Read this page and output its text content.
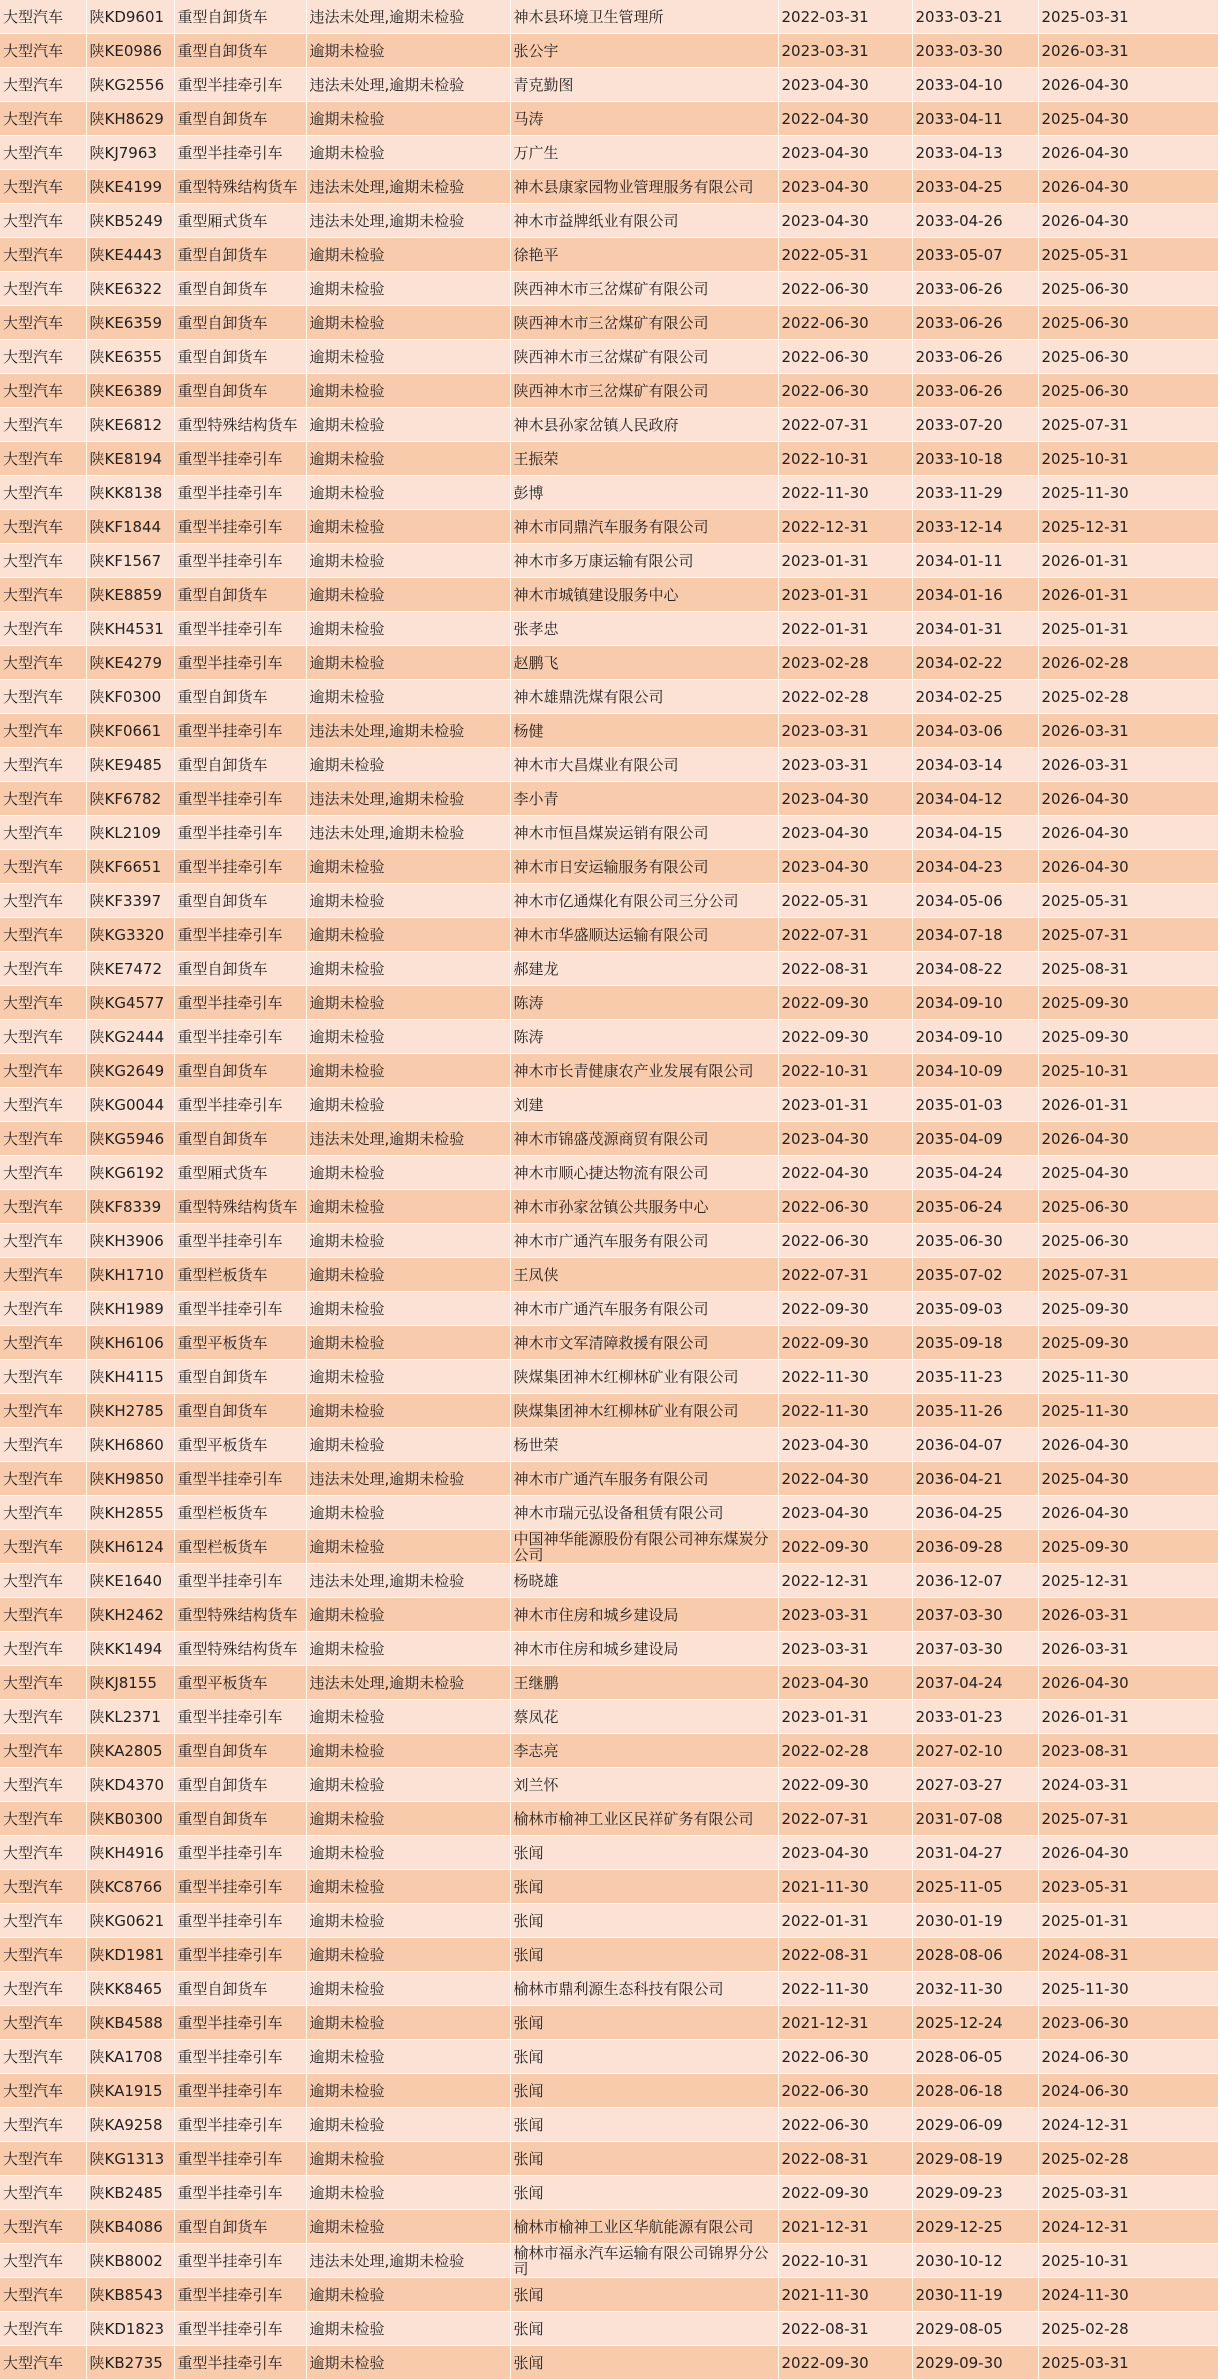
大型汽车	陕KD9601	重型自卸货车	违法未处理,逾期未检验	神木县环境卫生管理所	2022-03-31	2033-03-21	2025-03-31
大型汽车	陕KE0986	重型自卸货车	逾期未检验	张公宇	2023-03-31	2033-03-30	2026-03-31
大型汽车	陕KG2556	重型半挂牵引车	违法未处理,逾期未检验	青克勤图	2023-04-30	2033-04-10	2026-04-30
大型汽车	陕KH8629	重型自卸货车	逾期未检验	马涛	2022-04-30	2033-04-11	2025-04-30
大型汽车	陕KJ7963	重型半挂牵引车	逾期未检验	万广生	2023-04-30	2033-04-13	2026-04-30
大型汽车	陕KE4199	重型特殊结构货车	违法未处理,逾期未检验	神木县康家园物业管理服务有限公司	2023-04-30	2033-04-25	2026-04-30
大型汽车	陕KB5249	重型厢式货车	违法未处理,逾期未检验	神木市益牌纸业有限公司	2023-04-30	2033-04-26	2026-04-30
大型汽车	陕KE4443	重型自卸货车	逾期未检验	徐艳平	2022-05-31	2033-05-07	2025-05-31
大型汽车	陕KE6322	重型自卸货车	逾期未检验	陕西神木市三岔煤矿有限公司	2022-06-30	2033-06-26	2025-06-30
大型汽车	陕KE6359	重型自卸货车	逾期未检验	陕西神木市三岔煤矿有限公司	2022-06-30	2033-06-26	2025-06-30
大型汽车	陕KE6355	重型自卸货车	逾期未检验	陕西神木市三岔煤矿有限公司	2022-06-30	2033-06-26	2025-06-30
大型汽车	陕KE6389	重型自卸货车	逾期未检验	陕西神木市三岔煤矿有限公司	2022-06-30	2033-06-26	2025-06-30
大型汽车	陕KE6812	重型特殊结构货车	逾期未检验	神木县孙家岔镇人民政府	2022-07-31	2033-07-20	2025-07-31
大型汽车	陕KE8194	重型半挂牵引车	逾期未检验	王振荣	2022-10-31	2033-10-18	2025-10-31
大型汽车	陕KK8138	重型半挂牵引车	逾期未检验	彭博	2022-11-30	2033-11-29	2025-11-30
大型汽车	陕KF1844	重型半挂牵引车	逾期未检验	神木市同鼎汽车服务有限公司	2022-12-31	2033-12-14	2025-12-31
大型汽车	陕KF1567	重型半挂牵引车	逾期未检验	神木市多万康运输有限公司	2023-01-31	2034-01-11	2026-01-31
大型汽车	陕KE8859	重型自卸货车	逾期未检验	神木市城镇建设服务中心	2023-01-31	2034-01-16	2026-01-31
大型汽车	陕KH4531	重型半挂牵引车	逾期未检验	张孝忠	2022-01-31	2034-01-31	2025-01-31
大型汽车	陕KE4279	重型半挂牵引车	逾期未检验	赵鹏飞	2023-02-28	2034-02-22	2026-02-28
大型汽车	陕KF0300	重型自卸货车	逾期未检验	神木雄鼎洗煤有限公司	2022-02-28	2034-02-25	2025-02-28
大型汽车	陕KF0661	重型半挂牵引车	违法未处理,逾期未检验	杨健	2023-03-31	2034-03-06	2026-03-31
大型汽车	陕KE9485	重型自卸货车	逾期未检验	神木市大昌煤业有限公司	2023-03-31	2034-03-14	2026-03-31
大型汽车	陕KF6782	重型半挂牵引车	违法未处理,逾期未检验	李小青	2023-04-30	2034-04-12	2026-04-30
大型汽车	陕KL2109	重型半挂牵引车	违法未处理,逾期未检验	神木市恒昌煤炭运销有限公司	2023-04-30	2034-04-15	2026-04-30
大型汽车	陕KF6651	重型半挂牵引车	逾期未检验	神木市日安运输服务有限公司	2023-04-30	2034-04-23	2026-04-30
大型汽车	陕KF3397	重型自卸货车	逾期未检验	神木市亿通煤化有限公司三分公司	2022-05-31	2034-05-06	2025-05-31
大型汽车	陕KG3320	重型半挂牵引车	逾期未检验	神木市华盛顺达运输有限公司	2022-07-31	2034-07-18	2025-07-31
大型汽车	陕KE7472	重型自卸货车	逾期未检验	郝建龙	2022-08-31	2034-08-22	2025-08-31
大型汽车	陕KG4577	重型半挂牵引车	逾期未检验	陈涛	2022-09-30	2034-09-10	2025-09-30
大型汽车	陕KG2444	重型半挂牵引车	逾期未检验	陈涛	2022-09-30	2034-09-10	2025-09-30
大型汽车	陕KG2649	重型自卸货车	逾期未检验	神木市长青健康农产业发展有限公司	2022-10-31	2034-10-09	2025-10-31
大型汽车	陕KG0044	重型半挂牵引车	逾期未检验	刘建	2023-01-31	2035-01-03	2026-01-31
大型汽车	陕KG5946	重型自卸货车	违法未处理,逾期未检验	神木市锦盛茂源商贸有限公司	2023-04-30	2035-04-09	2026-04-30
大型汽车	陕KG6192	重型厢式货车	逾期未检验	神木市顺心捷达物流有限公司	2022-04-30	2035-04-24	2025-04-30
大型汽车	陕KF8339	重型特殊结构货车	逾期未检验	神木市孙家岔镇公共服务中心	2022-06-30	2035-06-24	2025-06-30
大型汽车	陕KH3906	重型半挂牵引车	逾期未检验	神木市广通汽车服务有限公司	2022-06-30	2035-06-30	2025-06-30
大型汽车	陕KH1710	重型栏板货车	逾期未检验	王凤侠	2022-07-31	2035-07-02	2025-07-31
大型汽车	陕KH1989	重型半挂牵引车	逾期未检验	神木市广通汽车服务有限公司	2022-09-30	2035-09-03	2025-09-30
大型汽车	陕KH6106	重型平板货车	逾期未检验	神木市文军清障救援有限公司	2022-09-30	2035-09-18	2025-09-30
大型汽车	陕KH4115	重型自卸货车	逾期未检验	陕煤集团神木红柳林矿业有限公司	2022-11-30	2035-11-23	2025-11-30
大型汽车	陕KH2785	重型自卸货车	逾期未检验	陕煤集团神木红柳林矿业有限公司	2022-11-30	2035-11-26	2025-11-30
大型汽车	陕KH6860	重型平板货车	逾期未检验	杨世荣	2023-04-30	2036-04-07	2026-04-30
大型汽车	陕KH9850	重型半挂牵引车	违法未处理,逾期未检验	神木市广通汽车服务有限公司	2022-04-30	2036-04-21	2025-04-30
大型汽车	陕KH2855	重型栏板货车	逾期未检验	神木市瑞元弘设备租赁有限公司	2023-04-30	2036-04-25	2026-04-30
大型汽车	陕KH6124	重型栏板货车	逾期未检验	中国神华能源股份有限公司神东煤炭分公司	2022-09-30	2036-09-28	2025-09-30
大型汽车	陕KE1640	重型半挂牵引车	违法未处理,逾期未检验	杨晓雄	2022-12-31	2036-12-07	2025-12-31
大型汽车	陕KH2462	重型特殊结构货车	逾期未检验	神木市住房和城乡建设局	2023-03-31	2037-03-30	2026-03-31
大型汽车	陕KK1494	重型特殊结构货车	逾期未检验	神木市住房和城乡建设局	2023-03-31	2037-03-30	2026-03-31
大型汽车	陕KJ8155	重型平板货车	违法未处理,逾期未检验	王继鹏	2023-04-30	2037-04-24	2026-04-30
大型汽车	陕KL2371	重型半挂牵引车	逾期未检验	蔡凤花	2023-01-31	2033-01-23	2026-01-31
大型汽车	陕KA2805	重型自卸货车	逾期未检验	李志亮	2022-02-28	2027-02-10	2023-08-31
大型汽车	陕KD4370	重型自卸货车	逾期未检验	刘兰怀	2022-09-30	2027-03-27	2024-03-31
大型汽车	陕KB0300	重型自卸货车	逾期未检验	榆林市榆神工业区民祥矿务有限公司	2022-07-31	2031-07-08	2025-07-31
大型汽车	陕KH4916	重型半挂牵引车	逾期未检验	张闻	2023-04-30	2031-04-27	2026-04-30
大型汽车	陕KC8766	重型半挂牵引车	逾期未检验	张闻	2021-11-30	2025-11-05	2023-05-31
大型汽车	陕KG0621	重型半挂牵引车	逾期未检验	张闻	2022-01-31	2030-01-19	2025-01-31
大型汽车	陕KD1981	重型半挂牵引车	逾期未检验	张闻	2022-08-31	2028-08-06	2024-08-31
大型汽车	陕KK8465	重型自卸货车	逾期未检验	榆林市鼎利源生态科技有限公司	2022-11-30	2032-11-30	2025-11-30
大型汽车	陕KB4588	重型半挂牵引车	逾期未检验	张闻	2021-12-31	2025-12-24	2023-06-30
大型汽车	陕KA1708	重型半挂牵引车	逾期未检验	张闻	2022-06-30	2028-06-05	2024-06-30
大型汽车	陕KA1915	重型半挂牵引车	逾期未检验	张闻	2022-06-30	2028-06-18	2024-06-30
大型汽车	陕KA9258	重型半挂牵引车	逾期未检验	张闻	2022-06-30	2029-06-09	2024-12-31
大型汽车	陕KG1313	重型半挂牵引车	逾期未检验	张闻	2022-08-31	2029-08-19	2025-02-28
大型汽车	陕KB2485	重型半挂牵引车	逾期未检验	张闻	2022-09-30	2029-09-23	2025-03-31
大型汽车	陕KB4086	重型自卸货车	逾期未检验	榆林市榆神工业区华航能源有限公司	2021-12-31	2029-12-25	2024-12-31
大型汽车	陕KB8002	重型半挂牵引车	违法未处理,逾期未检验	榆林市福永汽车运输有限公司锦界分公司	2022-10-31	2030-10-12	2025-10-31
大型汽车	陕KB8543	重型半挂牵引车	逾期未检验	张闻	2021-11-30	2030-11-19	2024-11-30
大型汽车	陕KD1823	重型半挂牵引车	逾期未检验	张闻	2022-08-31	2029-08-05	2025-02-28
大型汽车	陕KB2735	重型半挂牵引车	逾期未检验	张闻	2022-09-30	2029-09-30	2025-03-31
